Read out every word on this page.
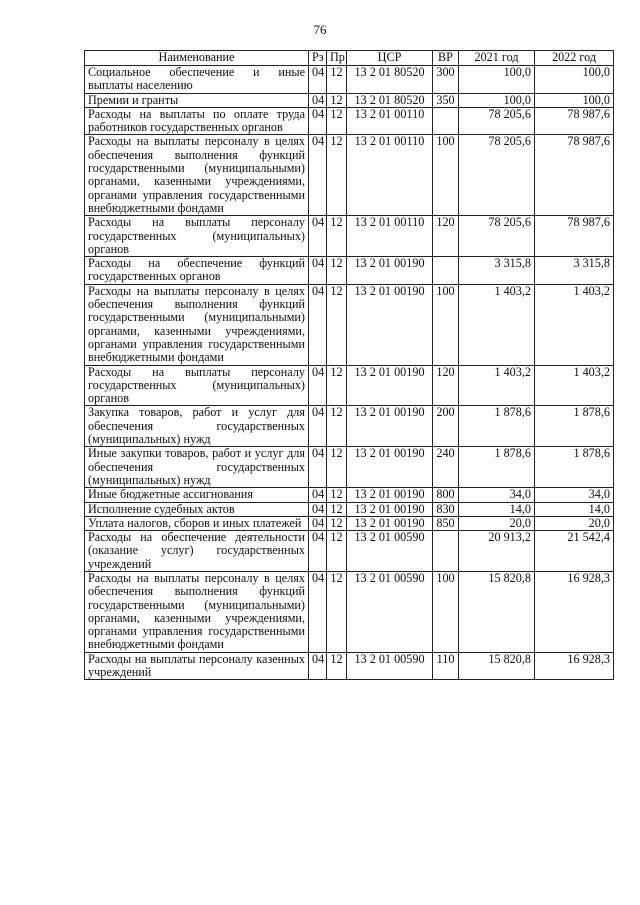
76
Наименование	Рз	Пр	ЦСР	ВР	2021 год	2022 год
Социальное обеспечение и иные выплаты населению	04	12	13 2 01 80520	300	100,0	100,0
Премии и гранты	04	12	13 2 01 80520	350	100,0	100,0
Расходы на выплаты по оплате труда работников государственных органов	04	12	13 2 01 00110		78 205,6	78 987,6
Расходы на выплаты персоналу в целях обеспечения выполнения функций государственными (муниципальными) органами, казенными учреждениями, органами управления государственными внебюджетными фондами	04	12	13 2 01 00110	100	78 205,6	78 987,6
Расходы на выплаты персоналу государственных (муниципальных) органов	04	12	13 2 01 00110	120	78 205,6	78 987,6
Расходы на обеспечение функций государственных органов	04	12	13 2 01 00190		3 315,8	3 315,8
Расходы на выплаты персоналу в целях обеспечения выполнения функций государственными (муниципальными) органами, казенными учреждениями, органами управления государственными внебюджетными фондами	04	12	13 2 01 00190	100	1 403,2	1 403,2
Расходы на выплаты персоналу государственных (муниципальных) органов	04	12	13 2 01 00190	120	1 403,2	1 403,2
Закупка товаров, работ и услуг для обеспечения государственных (муниципальных) нужд	04	12	13 2 01 00190	200	1 878,6	1 878,6
Иные закупки товаров, работ и услуг для обеспечения государственных (муниципальных) нужд	04	12	13 2 01 00190	240	1 878,6	1 878,6
Иные бюджетные ассигнования	04	12	13 2 01 00190	800	34,0	34,0
Исполнение судебных актов	04	12	13 2 01 00190	830	14,0	14,0
Уплата налогов, сборов и иных платежей	04	12	13 2 01 00190	850	20,0	20,0
Расходы на обеспечение деятельности (оказание услуг) государственных учреждений	04	12	13 2 01 00590		20 913,2	21 542,4
Расходы на выплаты персоналу в целях обеспечения выполнения функций государственными (муниципальными) органами, казенными учреждениями, органами управления государственными внебюджетными фондами	04	12	13 2 01 00590	100	15 820,8	16 928,3
Расходы на выплаты персоналу казенных учреждений	04	12	13 2 01 00590	110	15 820,8	16 928,3
